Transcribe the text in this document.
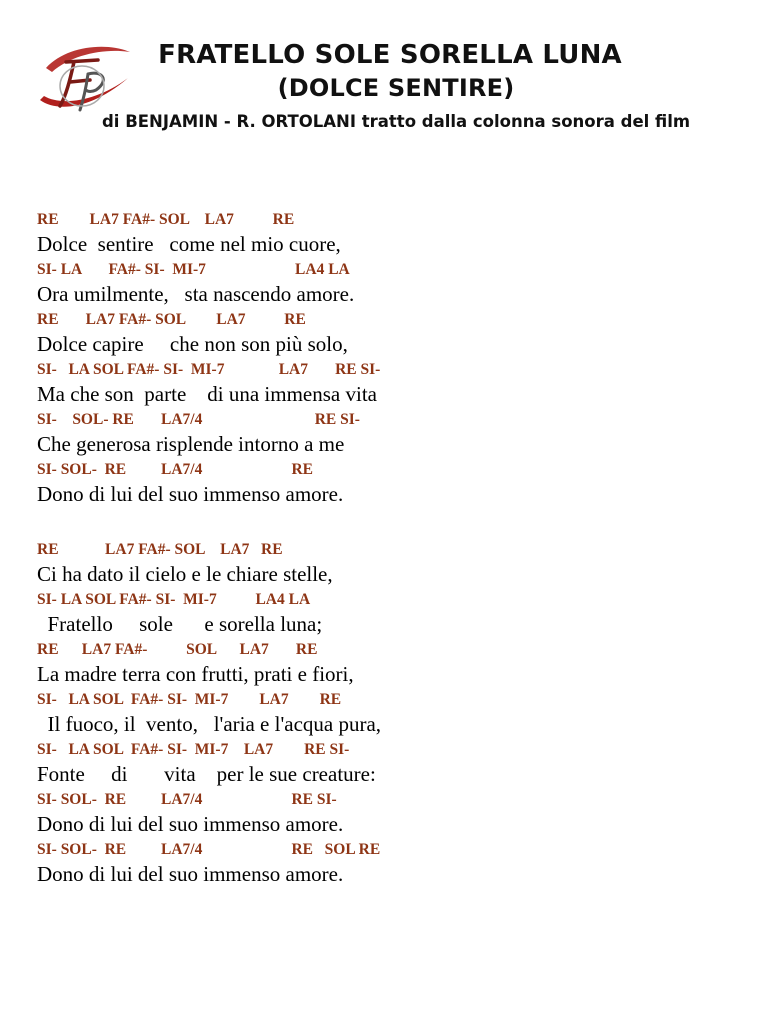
FRATELLO SOLE SORELLA LUNA
(DOLCE SENTIRE)
di BENJAMIN - R. ORTOLANI tratto dalla colonna sonora del film
RE        LA7 FA#- SOL    LA7          RE
Dolce  sentire   come nel mio cuore,
SI- LA       FA#- SI-  MI-7                       LA4 LA
Ora umilmente,   sta nascendo amore.
RE       LA7 FA#- SOL        LA7          RE
Dolce capire     che non son più solo,
SI-   LA SOL FA#- SI-  MI-7              LA7       RE SI-
Ma che son  parte    di una immensa vita
SI-    SOL- RE       LA7/4                             RE SI-
Che generosa risplende intorno a me
SI- SOL-  RE         LA7/4                       RE
Dono di lui del suo immenso amore.
RE            LA7 FA#- SOL    LA7   RE
Ci ha dato il cielo e le chiare stelle,
SI- LA SOL FA#- SI-  MI-7          LA4 LA
Fratello     sole      e sorella luna;
RE      LA7 FA#-          SOL      LA7       RE
La madre terra con frutti, prati e fiori,
SI-   LA SOL  FA#- SI-  MI-7        LA7        RE
Il fuoco, il  vento,   l'aria e l'acqua pura,
SI-   LA SOL  FA#- SI-  MI-7    LA7        RE SI-
Fonte     di       vita    per le sue creature:
SI- SOL-  RE         LA7/4                       RE SI-
Dono di lui del suo immenso amore.
SI- SOL-  RE         LA7/4                       RE   SOL RE
Dono di lui del suo immenso amore.
